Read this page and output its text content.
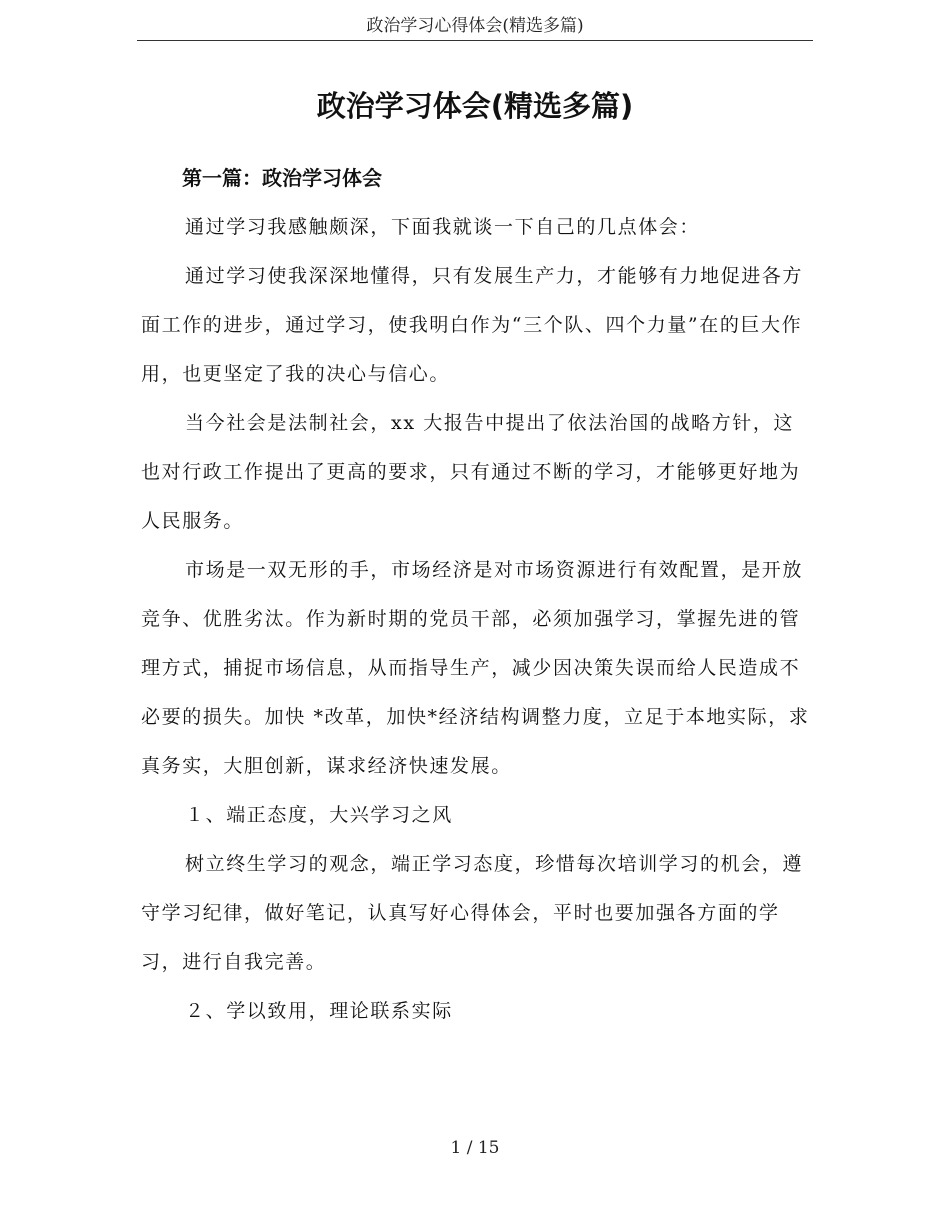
政治学习心得体会(精选多篇)
政治学习体会(精选多篇)
第一篇：政治学习体会

通过学习我感触颇深，下面我就谈一下自己的几点体会：

通过学习使我深深地懂得，只有发展生产力，才能够有力地促进各方面工作的进步，通过学习，使我明白作为“三个队、四个力量”在的巨大作用，也更坚定了我的决心与信心。

当今社会是法制社会，xx 大报告中提出了依法治国的战略方针，这也对行政工作提出了更高的要求，只有通过不断的学习，才能够更好地为人民服务。

市场是一双无形的手，市场经济是对市场资源进行有效配置，是开放竞争、优胜劣汰。作为新时期的党员干部，必须加强学习，掌握先进的管理方式，捕捉市场信息，从而指导生产，减少因决策失误而给人民造成不必要的损失。加快 *改革，加快*经济结构调整力度，立足于本地实际，求真务实，大胆创新，谋求经济快速发展。

１、端正态度，大兴学习之风

树立终生学习的观念，端正学习态度，珍惜每次培训学习的机会，遵守学习纪律，做好笔记，认真写好心得体会，平时也要加强各方面的学习，进行自我完善。

２、学以致用，理论联系实际

1 / 15
